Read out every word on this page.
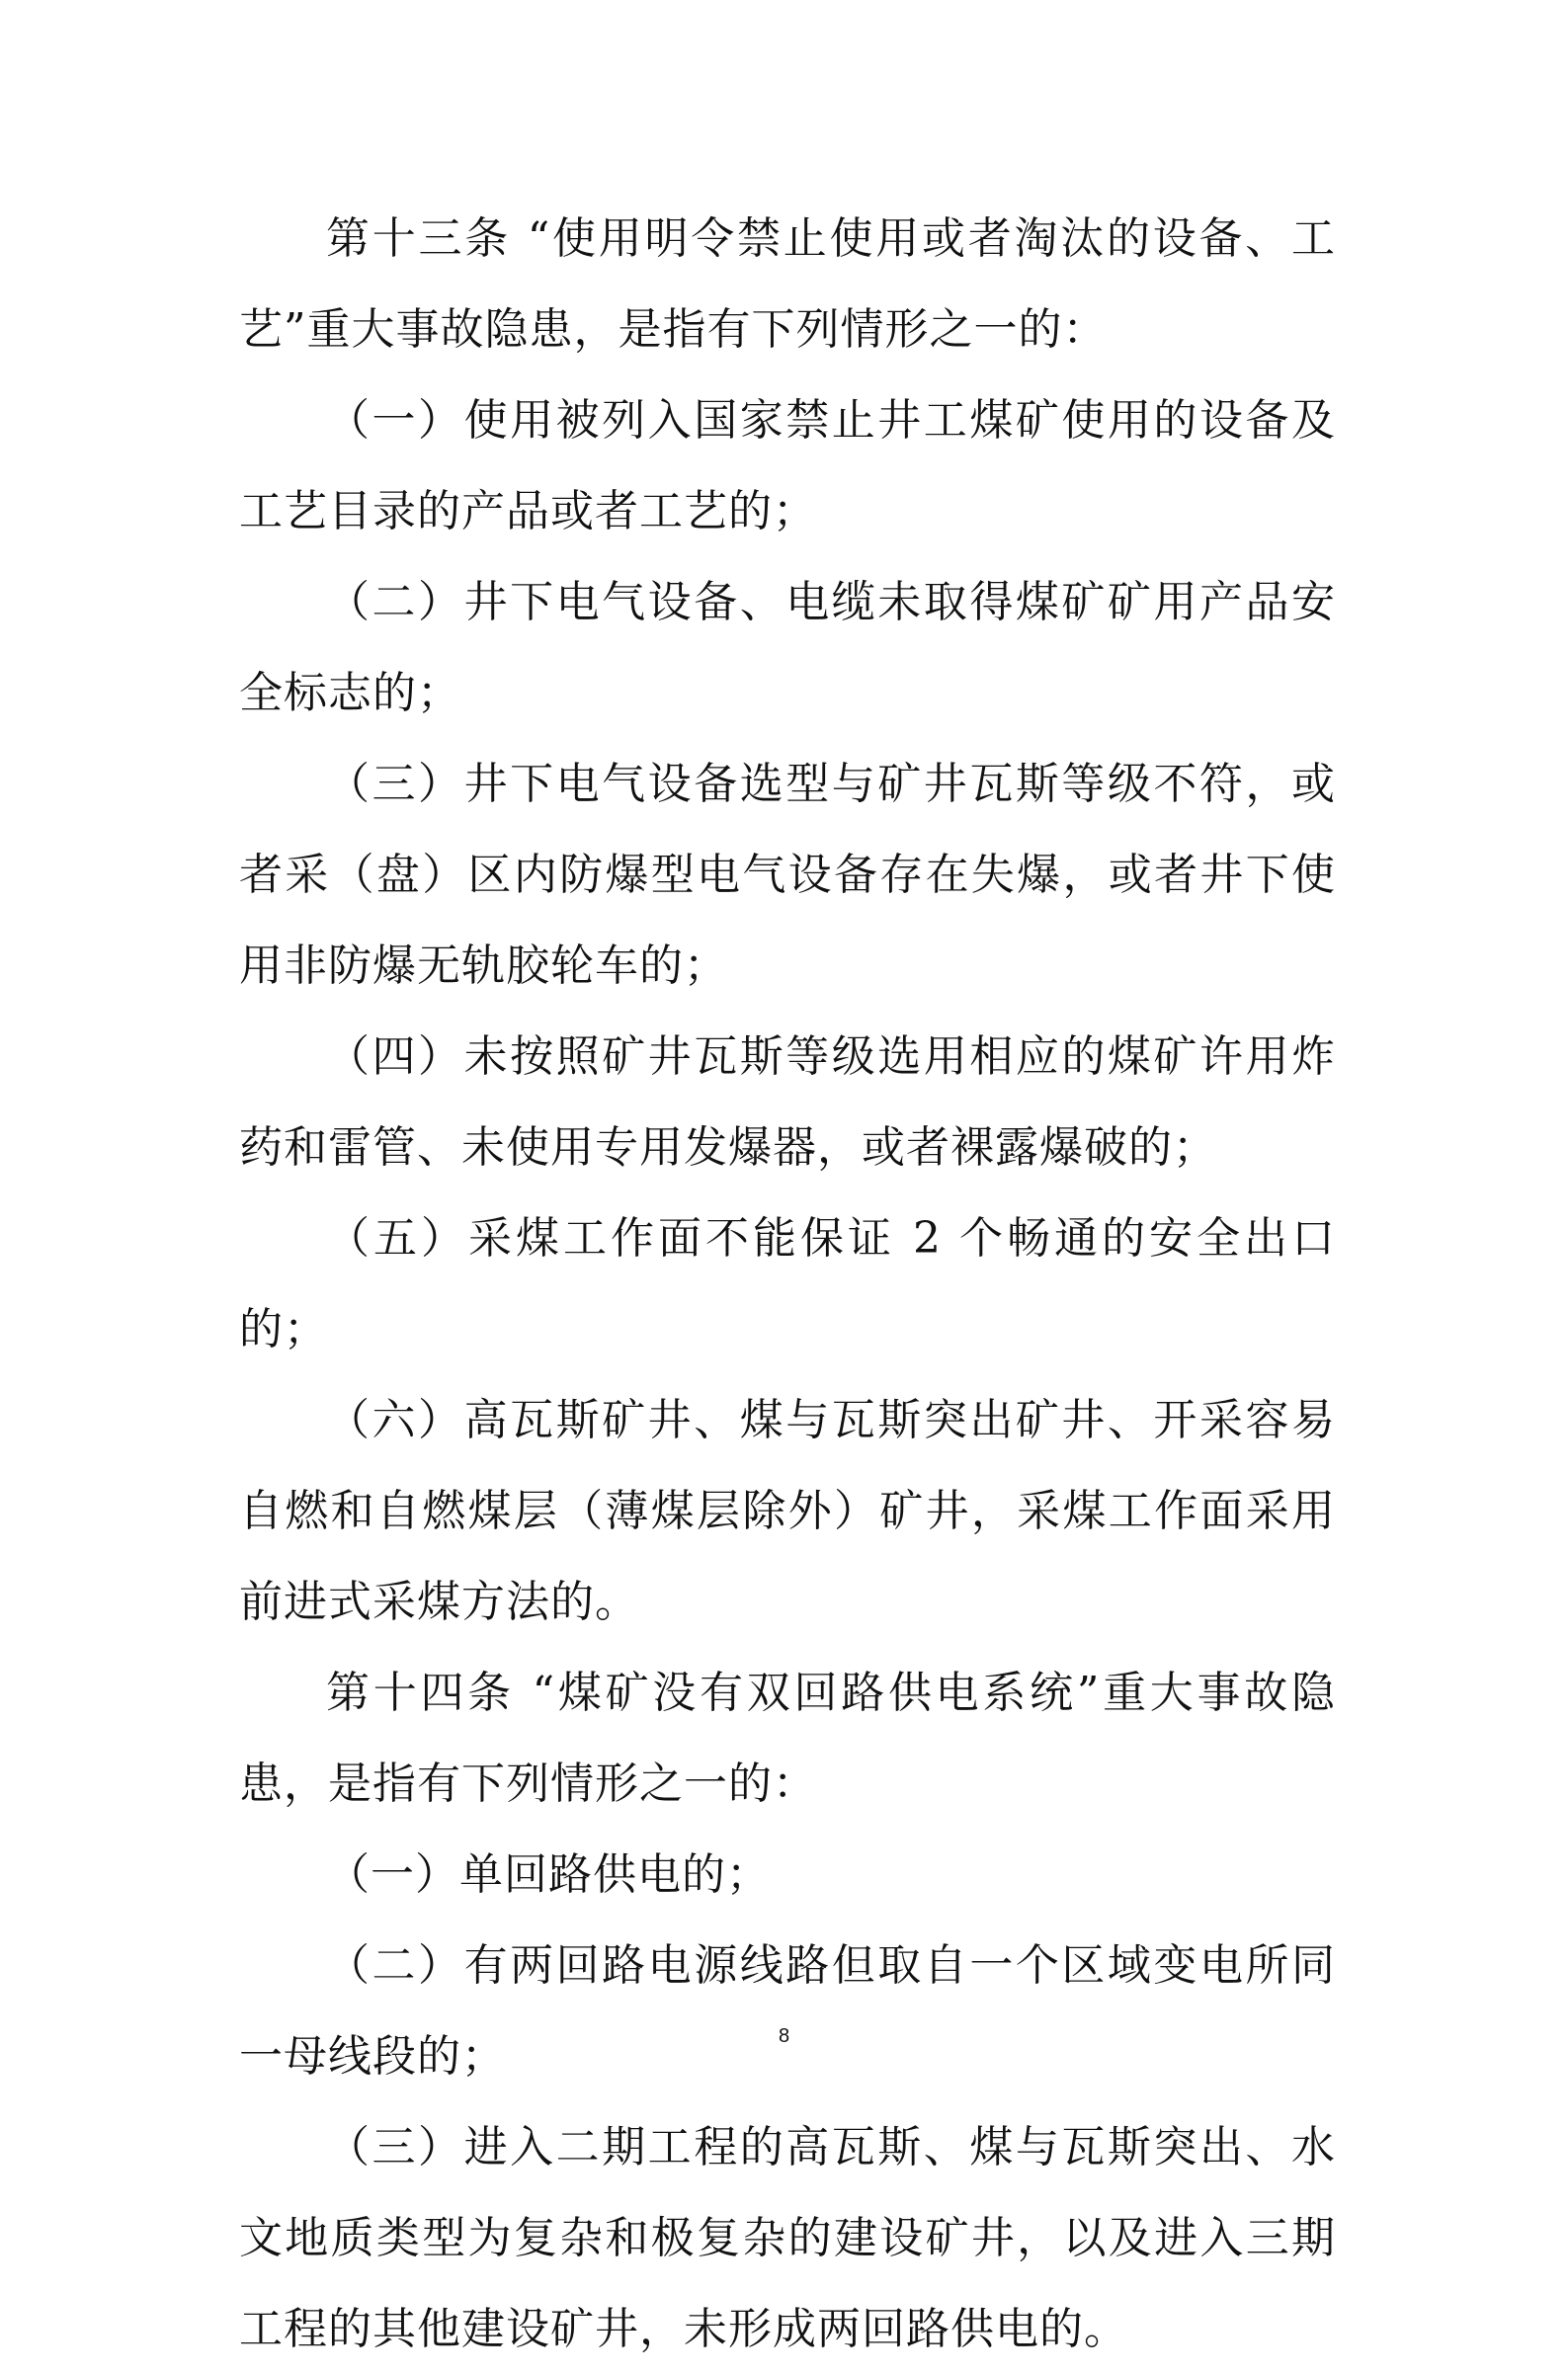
第十三条 “使用明令禁止使用或者淘汰的设备、工艺”重大事故隐患，是指有下列情形之一的：

（一）使用被列入国家禁止井工煤矿使用的设备及工艺目录的产品或者工艺的；

（二）井下电气设备、电缆未取得煤矿矿用产品安全标志的；

（三）井下电气设备选型与矿井瓦斯等级不符，或者采（盘）区内防爆型电气设备存在失爆，或者井下使用非防爆无轨胶轮车的；

（四）未按照矿井瓦斯等级选用相应的煤矿许用炸药和雷管、未使用专用发爆器，或者裸露爆破的；

（五）采煤工作面不能保证 2 个畅通的安全出口的；

（六）高瓦斯矿井、煤与瓦斯突出矿井、开采容易自燃和自燃煤层（薄煤层除外）矿井，采煤工作面采用前进式采煤方法的。

第十四条 “煤矿没有双回路供电系统”重大事故隐患，是指有下列情形之一的：

（一）单回路供电的；

（二）有两回路电源线路但取自一个区域变电所同一母线段的；

（三）进入二期工程的高瓦斯、煤与瓦斯突出、水文地质类型为复杂和极复杂的建设矿井，以及进入三期工程的其他建设矿井，未形成两回路供电的。

8
